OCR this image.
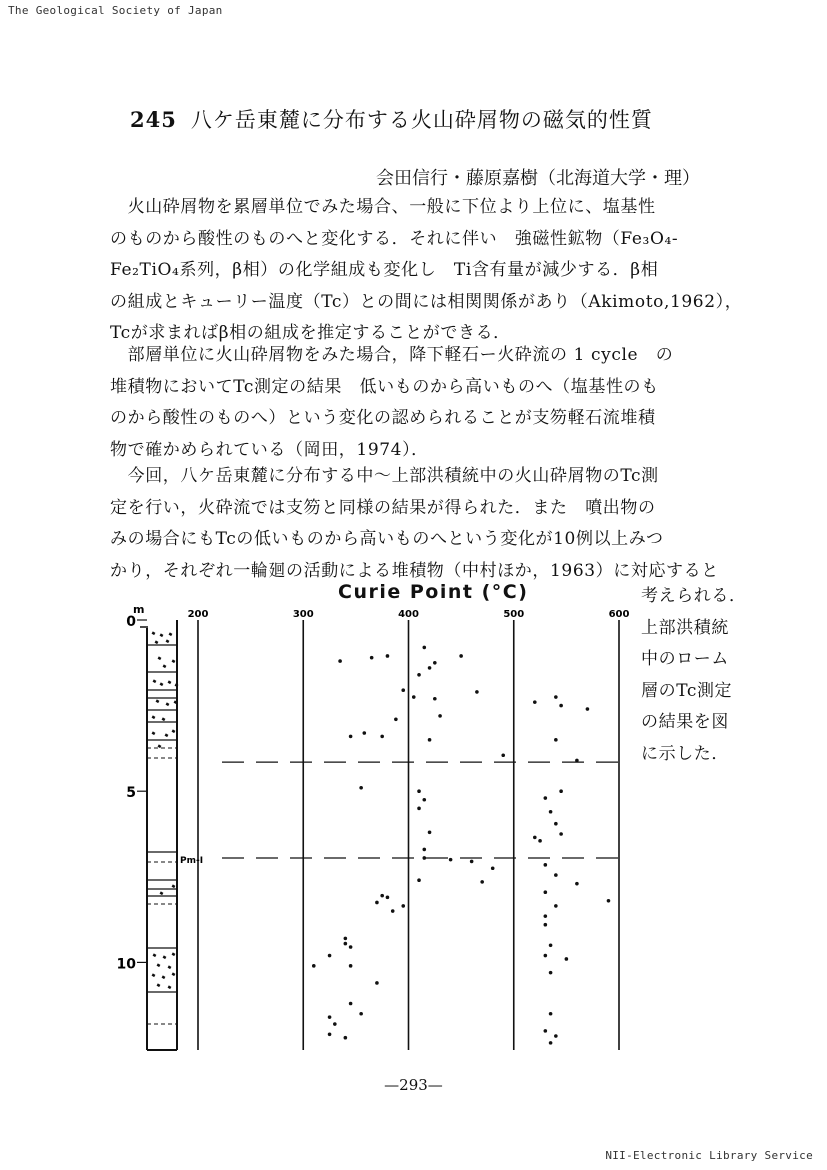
The Geological Society of Japan
245 八ケ岳東麓に分布する火山砕屑物の磁気的性質
会田信行・藤原嘉樹（北海道大学・理）
　火山砕屑物を累層単位でみた場合、一般に下位より上位に、塩基性
のものから酸性のものへと変化する．それに伴い　強磁性鉱物（Fe₃O₄-
Fe₂TiO₄系列，β相）の化学組成も変化し　Ti含有量が減少する．β相
の組成とキューリー温度（Tc）との間には相関関係があり（Akimoto,1962），
Tcが求まればβ相の組成を推定することができる．
　部層単位に火山砕屑物をみた場合，降下軽石ー火砕流の 1 cycle　の
堆積物においてTc測定の結果　低いものから高いものへ（塩基性のも
のから酸性のものへ）という変化の認められることが支笏軽石流堆積
物で確かめられている（岡田，1974）．
　今回，八ケ岳東麓に分布する中～上部洪積統中の火山砕屑物のTc測
定を行い，火砕流では支笏と同様の結果が得られた．また　噴出物の
みの場合にもTcの低いものから高いものへという変化が10例以上みつ
かり，それぞれ一輪廻の活動による堆積物（中村ほか，1963）に対応すると
考えられる．
上部洪積統
中のローム
層のTc測定
の結果を図
に示した．
Curie Point (°C)
200	300	400	500	600
0
5
10
m
Pm-I
—293—
NII-Electronic Library Service
